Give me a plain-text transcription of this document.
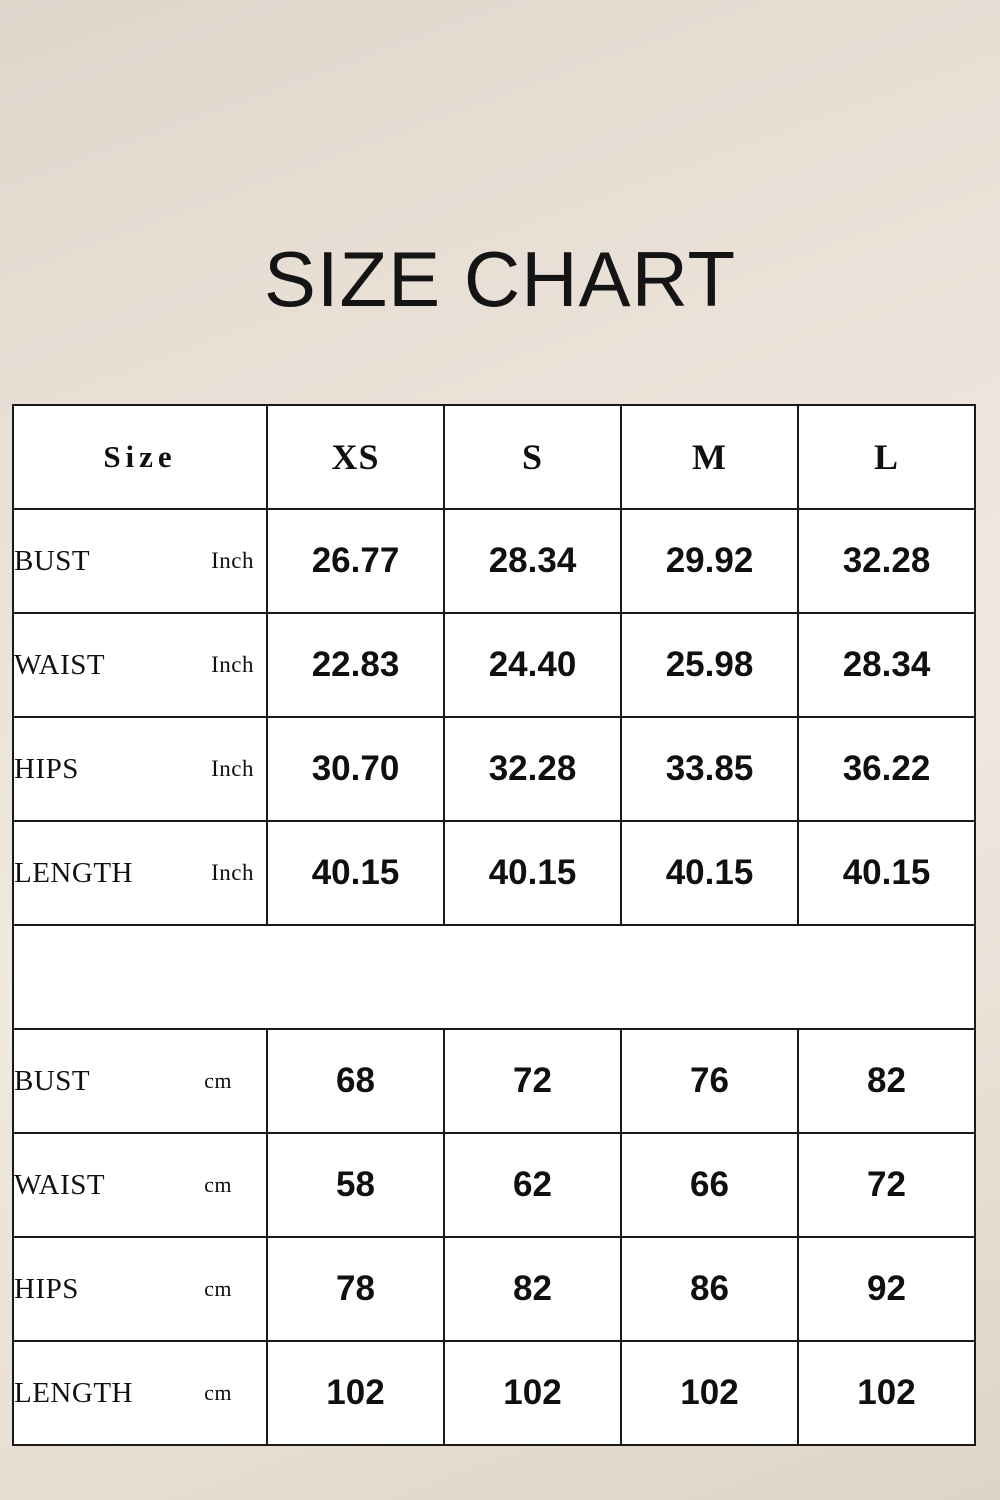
SIZE CHART
Size	XS	S	M	L

BUST Inch	26.77	28.34	29.92	32.28

WAIST Inch	22.83	24.40	25.98	28.34

HIPS Inch	30.70	32.28	33.85	36.22

LENGTH Inch	40.15	40.15	40.15	40.15

BUST cm	68	72	76	82

WAIST cm	58	62	66	72

HIPS cm	78	82	86	92

LENGTH cm	102	102	102	102
